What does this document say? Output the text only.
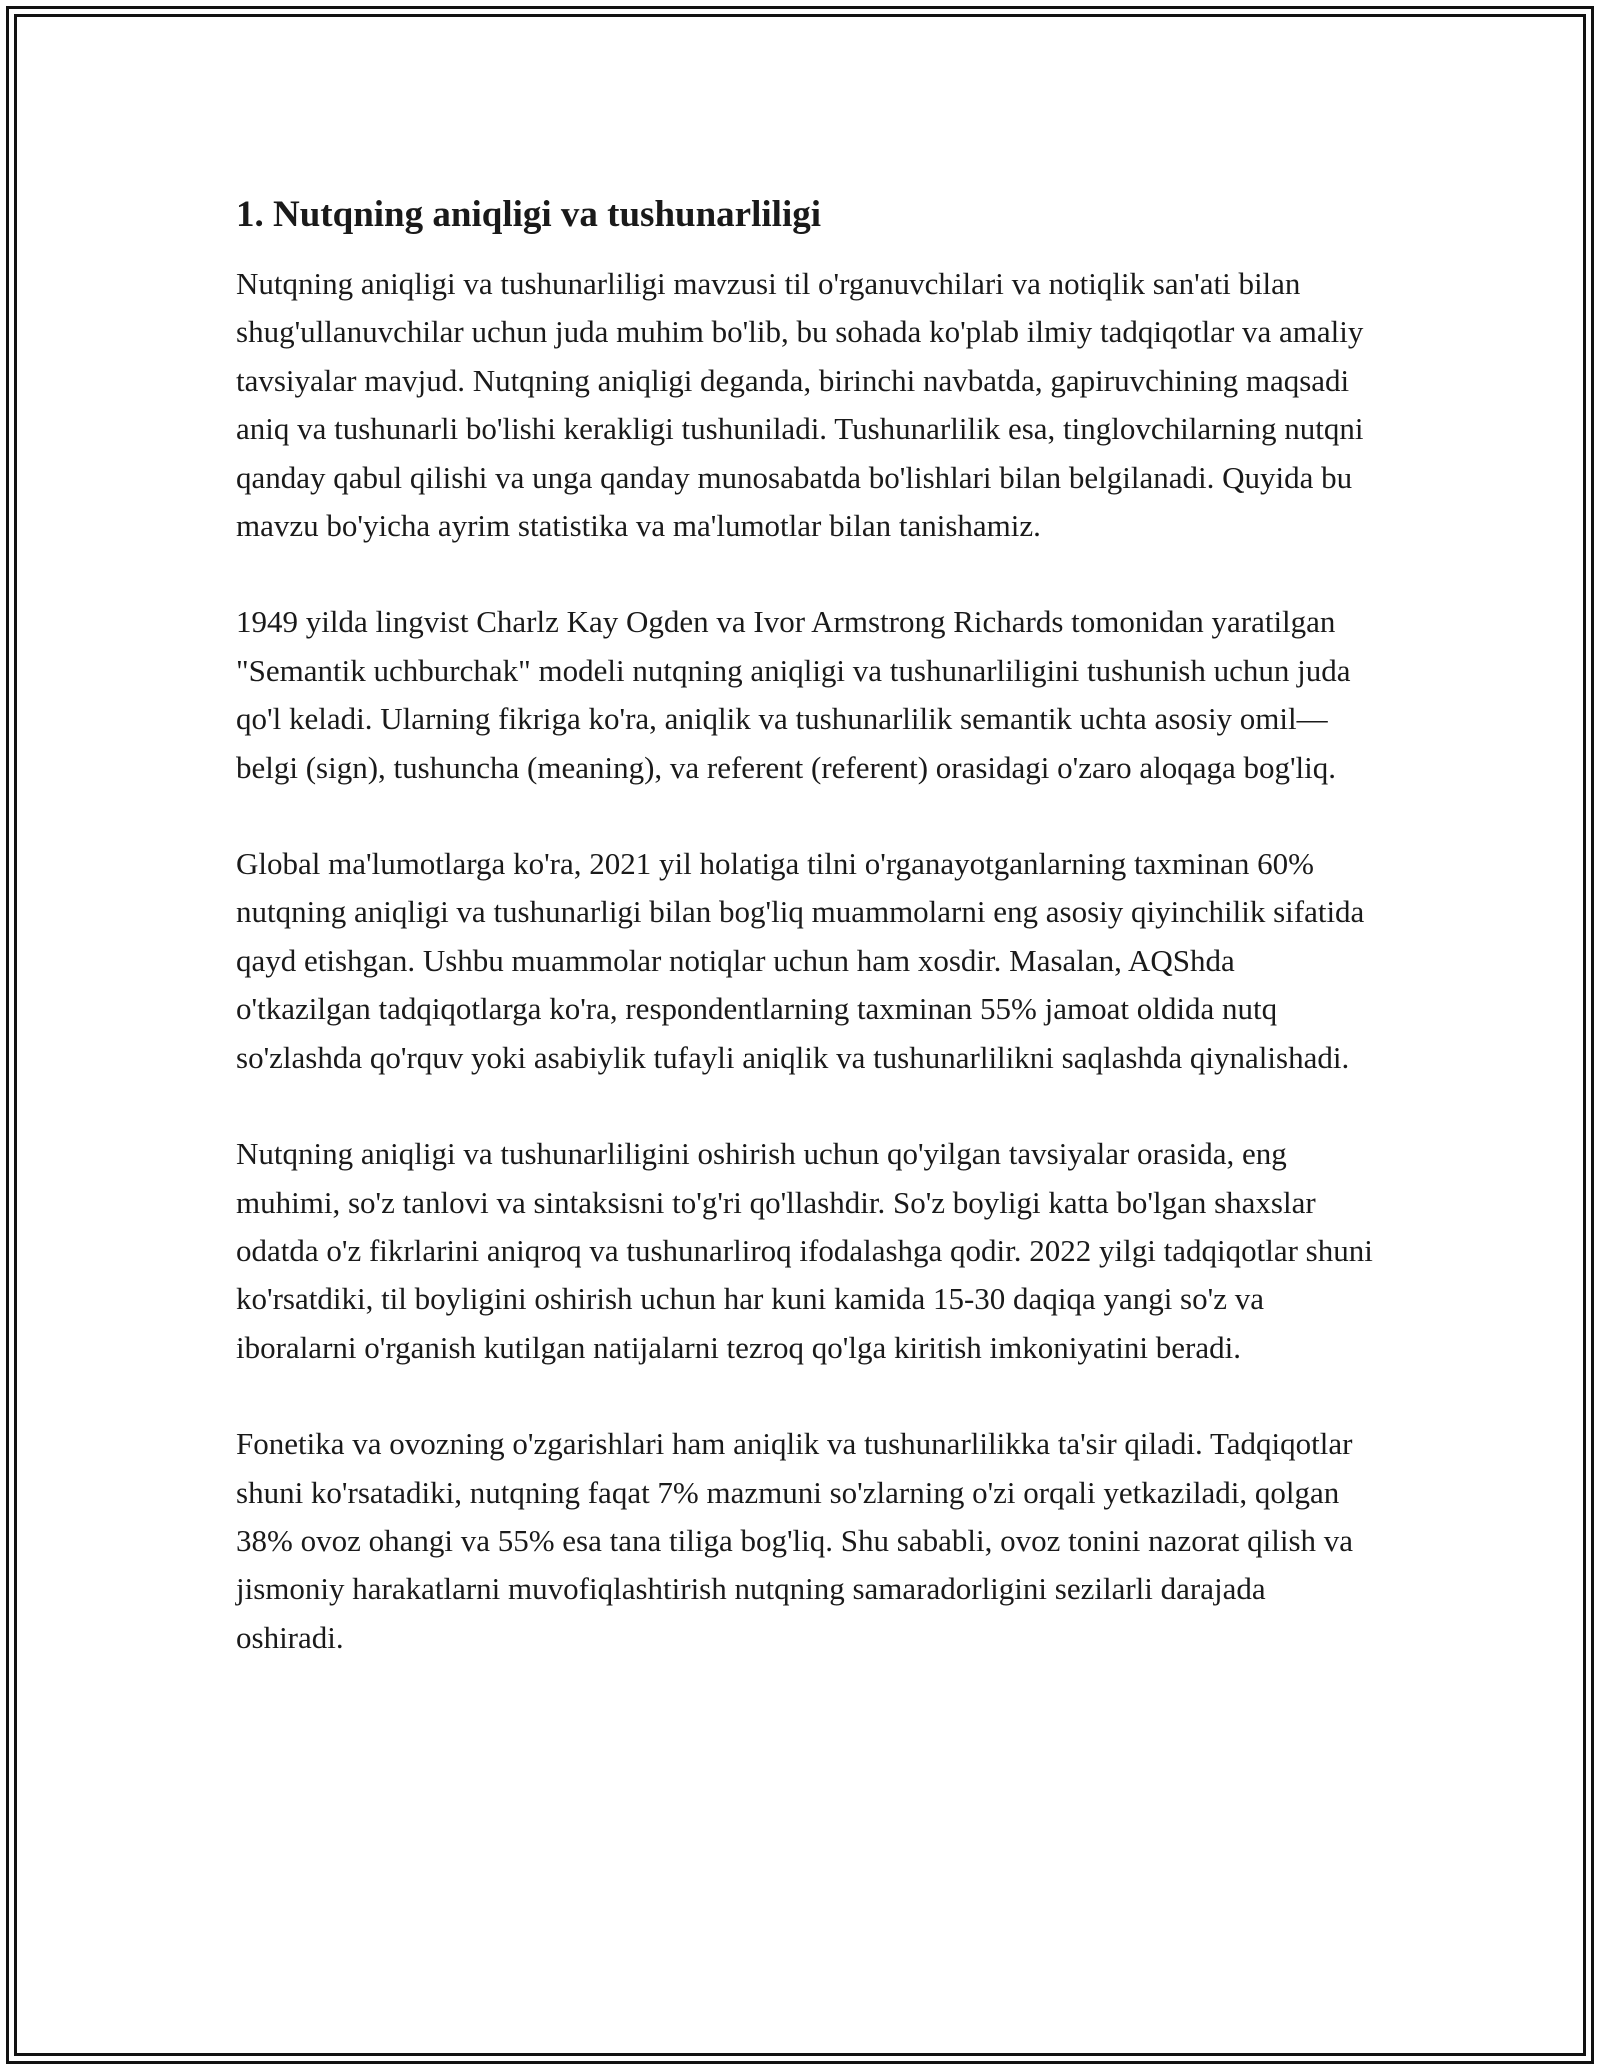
1. Nutqning aniqligi va tushunarliligi

Nutqning aniqligi va tushunarliligi mavzusi til o'rganuvchilari va notiqlik san'ati bilan shug'ullanuvchilar uchun juda muhim bo'lib, bu sohada ko'plab ilmiy tadqiqotlar va amaliy tavsiyalar mavjud. Nutqning aniqligi deganda, birinchi navbatda, gapiruvchining maqsadi aniq va tushunarli bo'lishi kerakligi tushuniladi. Tushunarlilik esa, tinglovchilarning nutqni qanday qabul qilishi va unga qanday munosabatda bo'lishlari bilan belgilanadi. Quyida bu mavzu bo'yicha ayrim statistika va ma'lumotlar bilan tanishamiz.

1949 yilda lingvist Charlz Kay Ogden va Ivor Armstrong Richards tomonidan yaratilgan "Semantik uchburchak" modeli nutqning aniqligi va tushunarliligini tushunish uchun juda qo'l keladi. Ularning fikriga ko'ra, aniqlik va tushunarlilik semantik uchta asosiy omil—belgi (sign), tushuncha (meaning), va referent (referent) orasidagi o'zaro aloqaga bog'liq.

Global ma'lumotlarga ko'ra, 2021 yil holatiga tilni o'rganayotganlarning taxminan 60% nutqning aniqligi va tushunarligi bilan bog'liq muammolarni eng asosiy qiyinchilik sifatida qayd etishgan. Ushbu muammolar notiqlar uchun ham xosdir. Masalan, AQShda o'tkazilgan tadqiqotlarga ko'ra, respondentlarning taxminan 55% jamoat oldida nutq so'zlashda qo'rquv yoki asabiylik tufayli aniqlik va tushunarlilikni saqlashda qiynalishadi.

Nutqning aniqligi va tushunarliligini oshirish uchun qo'yilgan tavsiyalar orasida, eng muhimi, so'z tanlovi va sintaksisni to'g'ri qo'llashdir. So'z boyligi katta bo'lgan shaxslar odatda o'z fikrlarini aniqroq va tushunarliroq ifodalashga qodir. 2022 yilgi tadqiqotlar shuni ko'rsatdiki, til boyligini oshirish uchun har kuni kamida 15-30 daqiqa yangi so'z va iboralarni o'rganish kutilgan natijalarni tezroq qo'lga kiritish imkoniyatini beradi.

Fonetika va ovozning o'zgarishlari ham aniqlik va tushunarlilikka ta'sir qiladi. Tadqiqotlar shuni ko'rsatadiki, nutqning faqat 7% mazmuni so'zlarning o'zi orqali yetkaziladi, qolgan 38% ovoz ohangi va 55% esa tana tiliga bog'liq. Shu sababli, ovoz tonini nazorat qilish va jismoniy harakatlarni muvofiqlashtirish nutqning samaradorligini sezilarli darajada oshiradi.
